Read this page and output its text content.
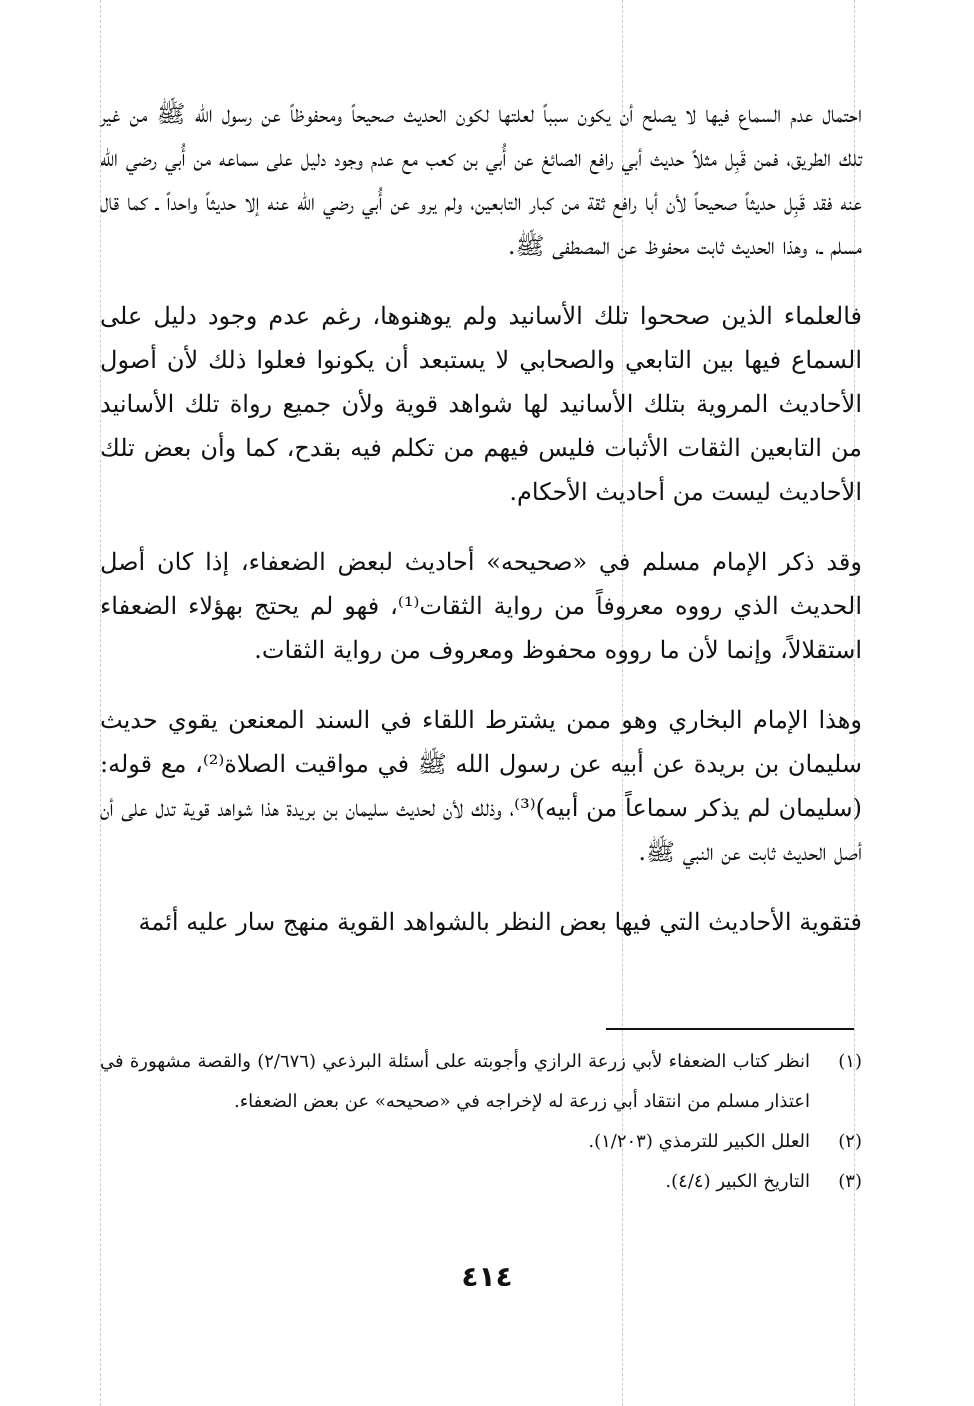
احتمال عدم السماع فيها لا يصلح أن يكون سبباً لعلتها لكون الحديث صحيحاً ومحفوظاً عن رسول الله ﷺ من غير تلك الطريق، فمن قَبِل مثلاً حديث أبي رافع الصائغ عن أُبي بن كعب مع عدم وجود دليل على سماعه من أُبي رضي الله عنه فقد قَبِل حديثاً صحيحاً لأن أبا رافع ثقة من كبار التابعين، ولم يرو عن أُبي رضي الله عنه إلا حديثاً واحداً ـ كما قال مسلم ـ، وهذا الحديث ثابت محفوظ عن المصطفى ﷺ.

فالعلماء الذين صححوا تلك الأسانيد ولم يوهنوها، رغم عدم وجود دليل على السماع فيها بين التابعي والصحابي لا يستبعد أن يكونوا فعلوا ذلك لأن أصول الأحاديث المروية بتلك الأسانيد لها شواهد قوية ولأن جميع رواة تلك الأسانيد من التابعين الثقات الأثبات فليس فيهم من تكلم فيه بقدح، كما وأن بعض تلك الأحاديث ليست من أحاديث الأحكام.

وقد ذكر الإمام مسلم في «صحيحه» أحاديث لبعض الضعفاء، إذا كان أصل الحديث الذي رووه معروفاً من رواية الثقات⁽¹⁾، فهو لم يحتج بهؤلاء الضعفاء استقلالاً، وإنما لأن ما رووه محفوظ ومعروف من رواية الثقات.

وهذا الإمام البخاري وهو ممن يشترط اللقاء في السند المعنعن يقوي حديث سليمان بن بريدة عن أبيه عن رسول الله ﷺ في مواقيت الصلاة⁽²⁾، مع قوله: (سليمان لم يذكر سماعاً من أبيه)⁽³⁾، وذلك لأن لحديث سليمان بن بريدة هذا شواهد قوية تدل على أن أصل الحديث ثابت عن النبي ﷺ.

فتقوية الأحاديث التي فيها بعض النظر بالشواهد القوية منهج سار عليه أئمة

(١)
انظر كتاب الضعفاء لأبي زرعة الرازي وأجوبته على أسئلة البرذعي (٢/٦٧٦) والقصة مشهورة في اعتذار مسلم من انتقاد أبي زرعة له لإخراجه في «صحيحه» عن بعض الضعفاء.
(٢)
العلل الكبير للترمذي (١/٢٠٣).
(٣)
التاريخ الكبير (٤/٤).
٤١٤
